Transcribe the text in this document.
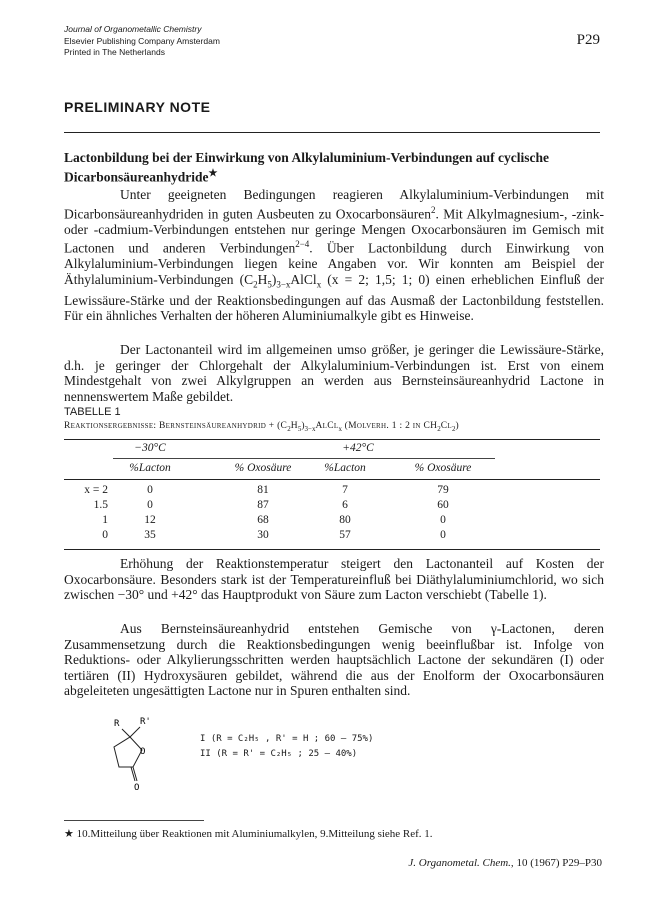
Journal of Organometallic Chemistry
Elsevier Publishing Company Amsterdam
Printed in The Netherlands
P29
PRELIMINARY NOTE
Lactonbildung bei der Einwirkung von Alkylaluminium-Verbindungen auf cyclische Dicarbonsäureanhydride★

Unter geeigneten Bedingungen reagieren Alkylaluminium-Verbindungen mit Dicarbonsäureanhydriden in guten Ausbeuten zu Oxocarbonsäuren$^2$. Mit Alkylmagnesium-, -zink- oder -cadmium-Verbindungen entstehen nur geringe Mengen Oxocarbonsäuren im Gemisch mit Lactonen und anderen Verbindungen$^{2-4}$. Über Lactonbildung durch Einwirkung von Alkylaluminium-Verbindungen liegen keine Angaben vor. Wir konnten am Beispiel der Äthylaluminium-Verbindungen $(C_2H_5)_{3-x}AlCl_x$ (x = 2; 1,5; 1; 0) einen erheblichen Einfluß der Lewissäure-Stärke und der Reaktionsbedingungen auf das Ausmaß der Lactonbildung feststellen. Für ein ähnliches Verhalten der höheren Aluminiumalkyle gibt es Hinweise.

Der Lactonanteil wird im allgemeinen umso größer, je geringer die Lewissäure-Stärke, d.h. je geringer der Chlorgehalt der Alkylaluminium-Verbindungen ist. Erst von einem Mindestgehalt von zwei Alkylgruppen an werden aus Bernsteinsäureanhydrid Lactone in nennenswertem Maße gebildet.

TABELLE 1
Reaktionsergebnisse: Bernsteinsäureanhydrid + $(C_2H_5)_{3-x}AlCl_x$ (Molverh. 1 : 2 in $CH_2Cl_2$)
−30°C	+42°C
%Lacton	% Oxosäure	%Lacton	% Oxosäure
x = 2	0	81	7	79
1.5	0	87	6	60
1	12	68	80	0
0	35	30	57	0

Erhöhung der Reaktionstemperatur steigert den Lactonanteil auf Kosten der Oxocarbonsäure. Besonders stark ist der Temperatureinfluß bei Diäthylaluminiumchlorid, wo sich zwischen −30° und +42° das Hauptprodukt von Säure zum Lacton verschiebt (Tabelle 1).

Aus Bernsteinsäureanhydrid entstehen Gemische von γ-Lactonen, deren Zusammensetzung durch die Reaktionsbedingungen wenig beeinflußbar ist. Infolge von Reduktions- oder Alkylierungsschritten werden hauptsächlich Lactone der sekundären (I) oder tertiären (II) Hydroxysäuren gebildet, während die aus der Enolform der Oxocarbonsäuren abgeleiteten ungesättigten Lactone nur in Spuren enthalten sind.

R R'
O
O
I (R = C₂H₅ , R' = H ; 60 – 75%)
II (R = R' = C₂H₅ ; 25 – 40%)
★ 10.Mitteilung über Reaktionen mit Aluminiumalkylen, 9.Mitteilung siehe Ref. 1.
J. Organometal. Chem., 10 (1967) P29–P30
